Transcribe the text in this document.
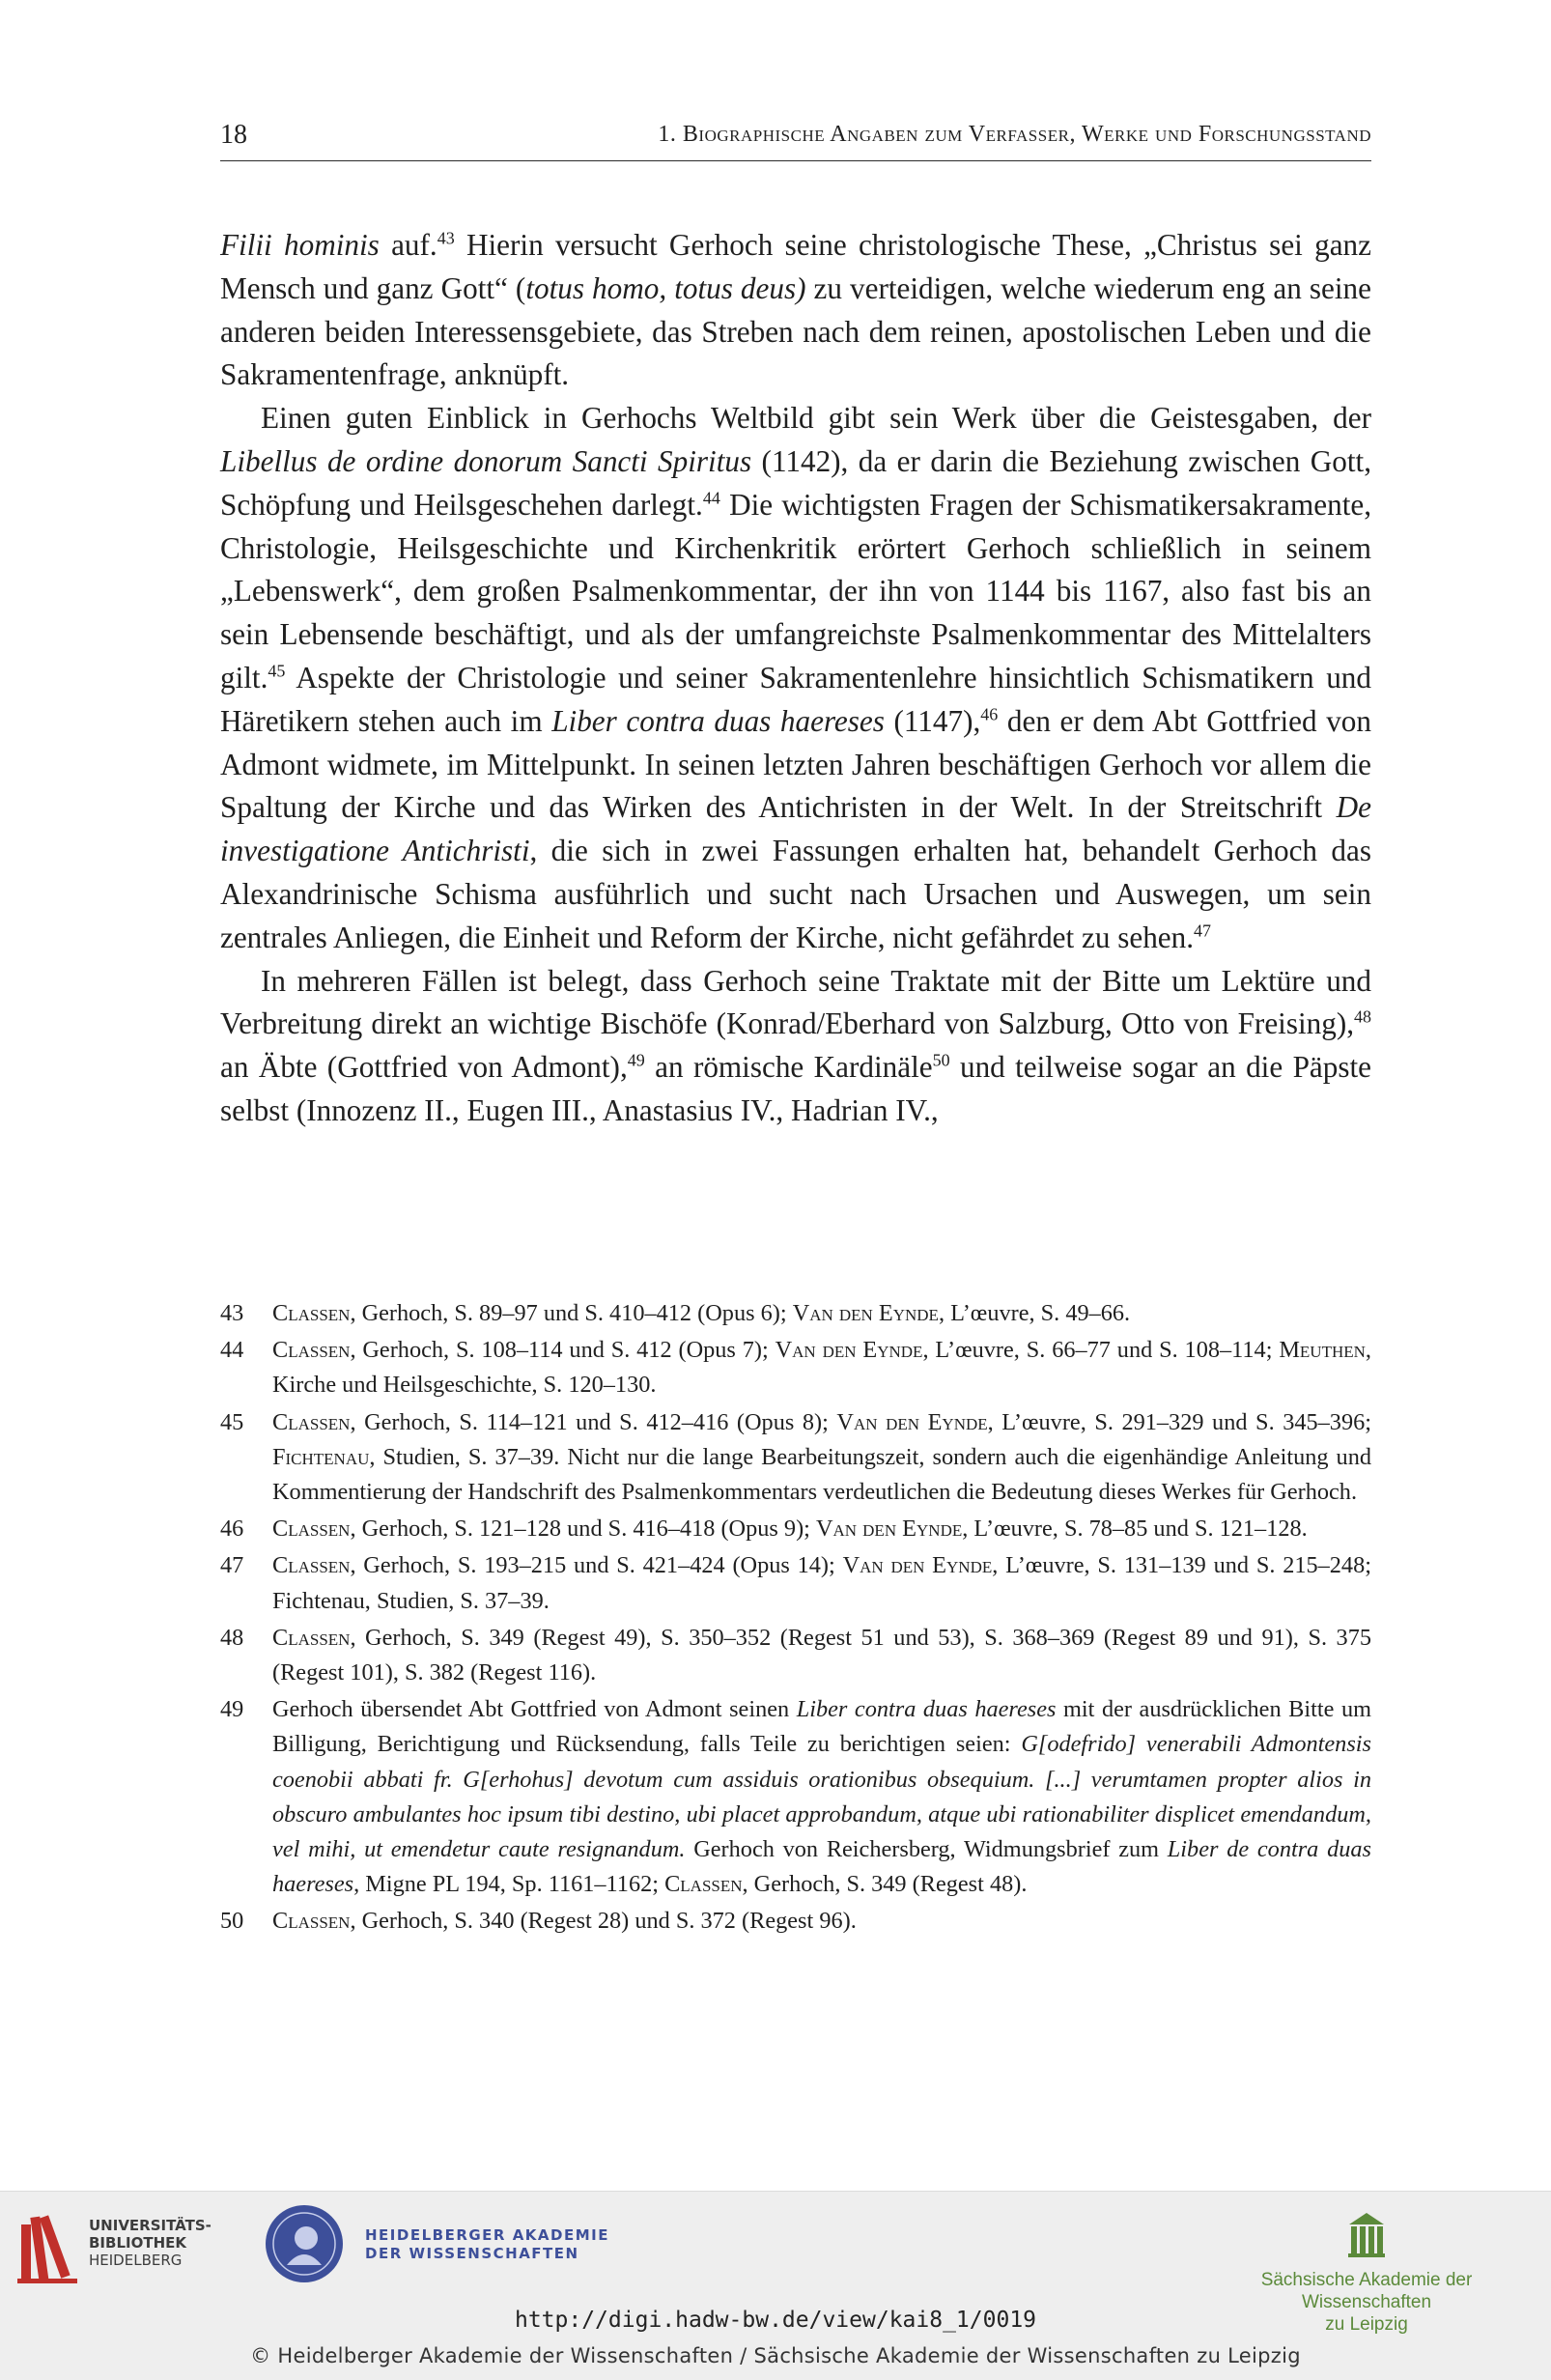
18	1. Biographische Angaben zum Verfasser, Werke und Forschungsstand

Filii hominis auf.$^{43}$ Hierin versucht Gerhoch seine christologische These, „Christus sei ganz Mensch und ganz Gott“ (totus homo, totus deus) zu verteidigen, welche wiederum eng an seine anderen beiden Interessensgebiete, das Streben nach dem reinen, apostolischen Leben und die Sakramentenfrage, anknüpft.

Einen guten Einblick in Gerhochs Weltbild gibt sein Werk über die Geistesgaben, der Libellus de ordine donorum Sancti Spiritus (1142), da er darin die Beziehung zwischen Gott, Schöpfung und Heilsgeschehen darlegt.$^{44}$ Die wichtigsten Fragen der Schismatikersakramente, Christologie, Heilsgeschichte und Kirchenkritik erörtert Gerhoch schließlich in seinem „Lebenswerk“, dem großen Psalmenkommentar, der ihn von 1144 bis 1167, also fast bis an sein Lebensende beschäftigt, und als der umfangreichste Psalmenkommentar des Mittelalters gilt.$^{45}$ Aspekte der Christologie und seiner Sakramentenlehre hinsichtlich Schismatikern und Häretikern stehen auch im Liber contra duas haereses (1147),$^{46}$ den er dem Abt Gottfried von Admont widmete, im Mittelpunkt. In seinen letzten Jahren beschäftigen Gerhoch vor allem die Spaltung der Kirche und das Wirken des Antichristen in der Welt. In der Streitschrift De investigatione Antichristi, die sich in zwei Fassungen erhalten hat, behandelt Gerhoch das Alexandrinische Schisma ausführlich und sucht nach Ursachen und Auswegen, um sein zentrales Anliegen, die Einheit und Reform der Kirche, nicht gefährdet zu sehen.$^{47}$

In mehreren Fällen ist belegt, dass Gerhoch seine Traktate mit der Bitte um Lektüre und Verbreitung direkt an wichtige Bischöfe (Konrad/Eberhard von Salzburg, Otto von Freising),$^{48}$ an Äbte (Gottfried von Admont),$^{49}$ an römische Kardinäle$^{50}$ und teilweise sogar an die Päpste selbst (Innozenz II., Eugen III., Anastasius IV., Hadrian IV.,

43	Classen, Gerhoch, S. 89–97 und S. 410–412 (Opus 6); Van den Eynde, L’œuvre, S. 49–66.
44	Classen, Gerhoch, S. 108–114 und S. 412 (Opus 7); Van den Eynde, L’œuvre, S. 66–77 und S. 108–114; Meuthen, Kirche und Heilsgeschichte, S. 120–130.
45	Classen, Gerhoch, S. 114–121 und S. 412–416 (Opus 8); Van den Eynde, L’œuvre, S. 291–329 und S. 345–396; Fichtenau, Studien, S. 37–39. Nicht nur die lange Bearbeitungszeit, sondern auch die eigenhändige Anleitung und Kommentierung der Handschrift des Psalmenkommentars verdeutlichen die Bedeutung dieses Werkes für Gerhoch.
46	Classen, Gerhoch, S. 121–128 und S. 416–418 (Opus 9); Van den Eynde, L’œuvre, S. 78–85 und S. 121–128.
47	Classen, Gerhoch, S. 193–215 und S. 421–424 (Opus 14); Van den Eynde, L’œuvre, S. 131–139 und S. 215–248; Fichtenau, Studien, S. 37–39.
48	Classen, Gerhoch, S. 349 (Regest 49), S. 350–352 (Regest 51 und 53), S. 368–369 (Regest 89 und 91), S. 375 (Regest 101), S. 382 (Regest 116).
49	Gerhoch übersendet Abt Gottfried von Admont seinen Liber contra duas haereses mit der ausdrücklichen Bitte um Billigung, Berichtigung und Rücksendung, falls Teile zu berichtigen seien: G[odefrido] venerabili Admontensis coenobii abbati fr. G[erhohus] devotum cum assiduis orationibus obsequium. [...] verumtamen propter alios in obscuro ambulantes hoc ipsum tibi destino, ubi placet approbandum, atque ubi rationabiliter displicet emendandum, vel mihi, ut emendetur caute resignandum. Gerhoch von Reichersberg, Widmungsbrief zum Liber de contra duas haereses, Migne PL 194, Sp. 1161–1162; Classen, Gerhoch, S. 349 (Regest 48).
50	Classen, Gerhoch, S. 340 (Regest 28) und S. 372 (Regest 96).
UNIVERSITÄTS-
BIBLIOTHEK
HEIDELBERG
HEIDELBERGER AKADEMIE
DER WISSENSCHAFTEN
Sächsische Akademie der Wissenschaften
zu Leipzig
http://digi.hadw-bw.de/view/kai8_1/0019
© Heidelberger Akademie der Wissenschaften / Sächsische Akademie der Wissenschaften zu Leipzig
